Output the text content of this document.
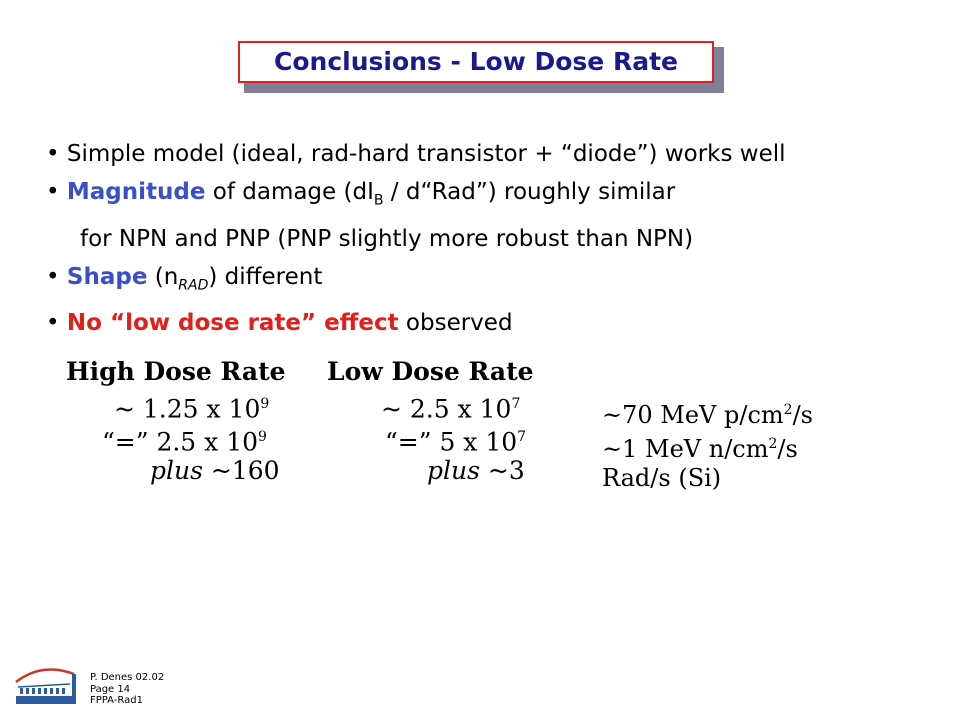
Conclusions - Low Dose Rate
• Simple model (ideal, rad-hard transistor + “diode”) works well
• Magnitude of damage ($dI_B$ / d“Rad”) roughly similar
for NPN and PNP (PNP slightly more robust than NPN)
• Shape $(n_{RAD})$ different
• No “low dose rate” effect observed
High Dose Rate
~ 1.25 x $10^9$
“=” 2.5 x $10^9$
plus ~160
Low Dose Rate
~ 2.5 x $10^7$
“=” 5 x $10^7$
plus ~3
~70 MeV $p/cm^2/s$
~1 MeV $n/cm^2/s$
Rad/s (Si)
P. Denes 02.02
Page 14
FPPA-Rad1
